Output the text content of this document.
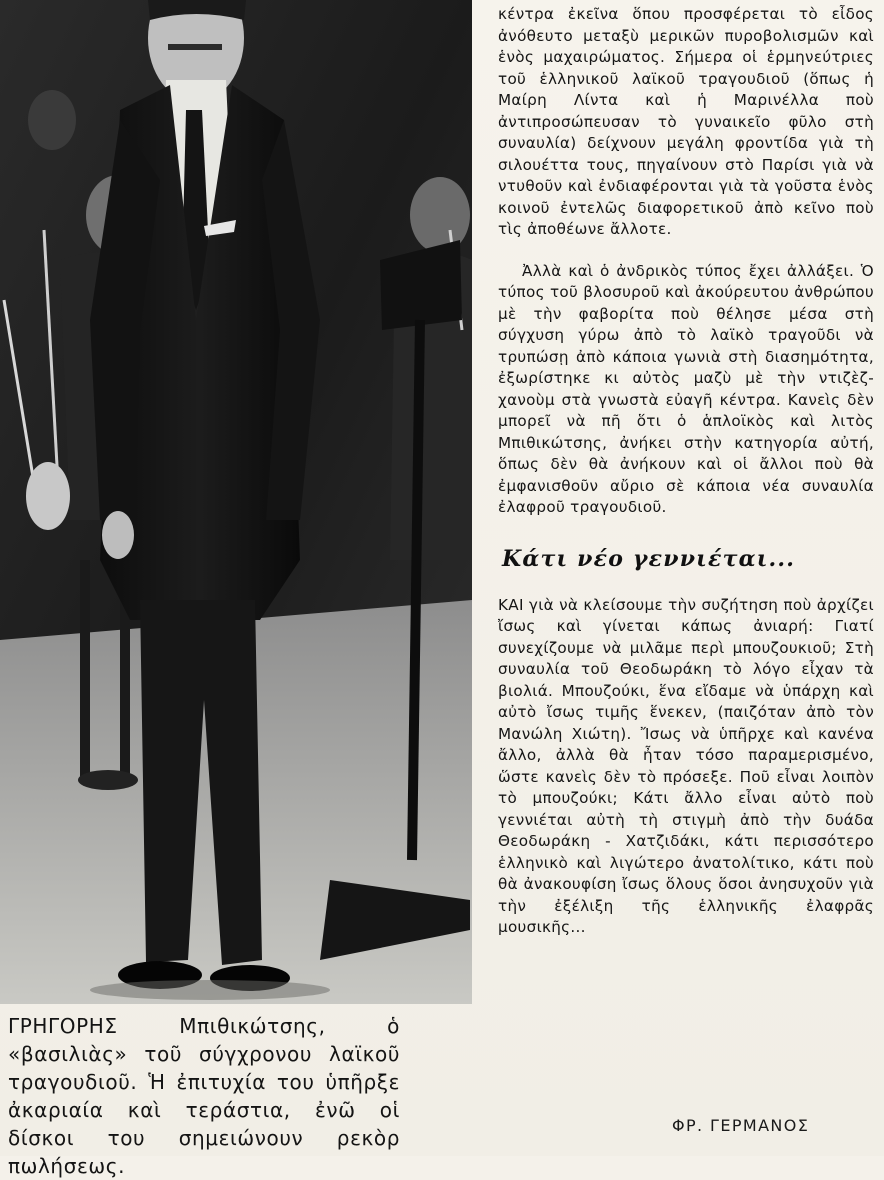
ΓΡΗΓΟΡΗΣ Μπιθικώτσης, ὁ «βασιλιὰς» τοῦ σύγχρονου λαϊκοῦ τραγουδιοῦ. Ἡ ἐπιτυχία του ὑπῆρξε ἀκαριαία καὶ τεράστια, ἐνῶ οἱ δίσκοι του σημειώνουν ρεκὸρ πωλήσεως.

κέντρα ἐκεῖνα ὅπου προσφέρεται τὸ εἶδος ἀνόθευτο μεταξὺ μερικῶν πυροβολισμῶν καὶ ἑνὸς μαχαιρώματος. Σήμερα οἱ ἑρμηνεύτριες τοῦ ἑλληνικοῦ λαϊκοῦ τραγουδιοῦ (ὅπως ἡ Μαίρη Λίντα καὶ ἡ Μαρινέλλα ποὺ ἀντιπροσώπευσαν τὸ γυναικεῖο φῦλο στὴ συναυλία) δείχνουν μεγάλη φροντίδα γιὰ τὴ σιλουέττα τους, πηγαίνουν στὸ Παρίσι γιὰ νὰ ντυθοῦν καὶ ἐνδιαφέρονται γιὰ τὰ γοῦστα ἑνὸς κοινοῦ ἐντελῶς διαφορετικοῦ ἀπὸ κεῖνο ποὺ τὶς ἀποθέωνε ἄλλοτε.

Ἀλλὰ καὶ ὁ ἀνδρικὸς τύπος ἔχει ἀλλάξει. Ὁ τύπος τοῦ βλοσυροῦ καὶ ἀκούρευτου ἀνθρώπου μὲ τὴν φαβορίτα ποὺ θέλησε μέσα στὴ σύγχυση γύρω ἀπὸ τὸ λαϊκὸ τραγοῦδι νὰ τρυπώσῃ ἀπὸ κάποια γωνιὰ στὴ διασημότητα, ἐξωρίστηκε κι αὐτὸς μαζὺ μὲ τὴν ντιζὲζ-χανοὺμ στὰ γνωστὰ εὐαγῆ κέντρα. Κανεὶς δὲν μπορεῖ νὰ πῆ ὅτι ὁ ἁπλοϊκὸς καὶ λιτὸς Μπιθικώτσης, ἀνήκει στὴν κατηγορία αὐτή, ὅπως δὲν θὰ ἀνήκουν καὶ οἱ ἄλλοι ποὺ θὰ ἐμφανισθοῦν αὔριο σὲ κάποια νέα συναυλία ἐλαφροῦ τραγουδιοῦ.

Κάτι νέο γεννιέται...

ΚΑΙ γιὰ νὰ κλείσουμε τὴν συζήτηση ποὺ ἀρχίζει ἴσως καὶ γίνεται κάπως ἀνιαρή: Γιατί συνεχίζουμε νὰ μιλᾶμε περὶ μπουζουκιοῦ; Στὴ συναυλία τοῦ Θεοδωράκη τὸ λόγο εἶχαν τὰ βιολιά. Μπουζούκι, ἕνα εἴδαμε νὰ ὑπάρχη καὶ αὐτὸ ἴσως τιμῆς ἕνεκεν, (παιζόταν ἀπὸ τὸν Μανώλη Χιώτη). Ἴσως νὰ ὑπῆρχε καὶ κανένα ἄλλο, ἀλλὰ θὰ ἦταν τόσο παραμερισμένο, ὥστε κανεὶς δὲν τὸ πρόσεξε. Ποῦ εἶναι λοιπὸν τὸ μπουζούκι; Κάτι ἄλλο εἶναι αὐτὸ ποὺ γεννιέται αὐτὴ τὴ στιγμὴ ἀπὸ τὴν δυάδα Θεοδωράκη - Χατζιδάκι, κάτι περισσότερο ἑλληνικὸ καὶ λιγώτερο ἀνατολίτικο, κάτι ποὺ θὰ ἀνακουφίση ἴσως ὅλους ὅσοι ἀνησυχοῦν γιὰ τὴν ἐξέλιξη τῆς ἑλληνικῆς ἐλαφρᾶς μουσικῆς...

ΦΡ. ΓΕΡΜΑΝΟΣ
